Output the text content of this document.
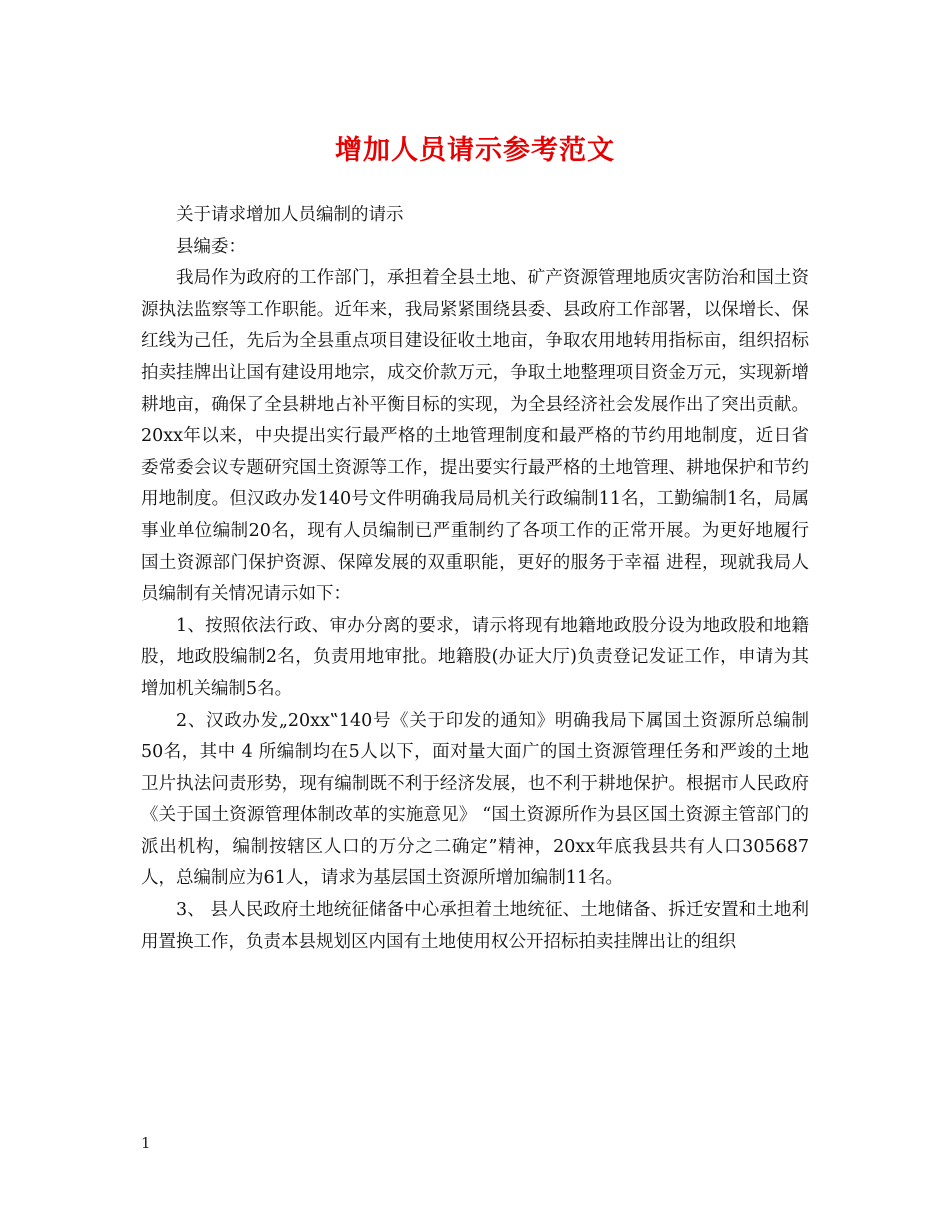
增加人员请示参考范文

关于请求增加人员编制的请示

县编委：

我局作为政府的工作部门，承担着全县土地、矿产资源管理地质灾害防治和国土资源执法监察等工作职能。近年来，我局紧紧围绕县委、县政府工作部署，以保增长、保红线为己任，先后为全县重点项目建设征收土地亩，争取农用地转用指标亩，组织招标拍卖挂牌出让国有建设用地宗，成交价款万元，争取土地整理项目资金万元，实现新增耕地亩，确保了全县耕地占补平衡目标的实现，为全县经济社会发展作出了突出贡献。20xx年以来，中央提出实行最严格的土地管理制度和最严格的节约用地制度，近日省委常委会议专题研究国土资源等工作，提出要实行最严格的土地管理、耕地保护和节约用地制度。但汉政办发140号文件明确我局局机关行政编制11名，工勤编制1名，局属事业单位编制20名，现有人员编制已严重制约了各项工作的正常开展。为更好地履行国土资源部门保护资源、保障发展的双重职能，更好的服务于幸福 进程，现就我局人员编制有关情况请示如下：

1、按照依法行政、审办分离的要求，请示将现有地籍地政股分设为地政股和地籍股，地政股编制2名，负责用地审批。地籍股(办证大厅)负责登记发证工作，申请为其增加机关编制5名。

2、汉政办发„20xx‟140号《关于印发的通知》明确我局下属国土资源所总编制50名，其中 4 所编制均在5人以下，面对量大面广的国土资源管理任务和严竣的土地卫片执法问责形势，现有编制既不利于经济发展，也不利于耕地保护。根据市人民政府《关于国土资源管理体制改革的实施意见》 “国土资源所作为县区国土资源主管部门的派出机构，编制按辖区人口的万分之二确定”精神，20xx年底我县共有人口305687人，总编制应为61人，请求为基层国土资源所增加编制11名。

3、 县人民政府土地统征储备中心承担着土地统征、土地储备、拆迁安置和土地利用置换工作，负责本县规划区内国有土地使用权公开招标拍卖挂牌出让的组织

1
